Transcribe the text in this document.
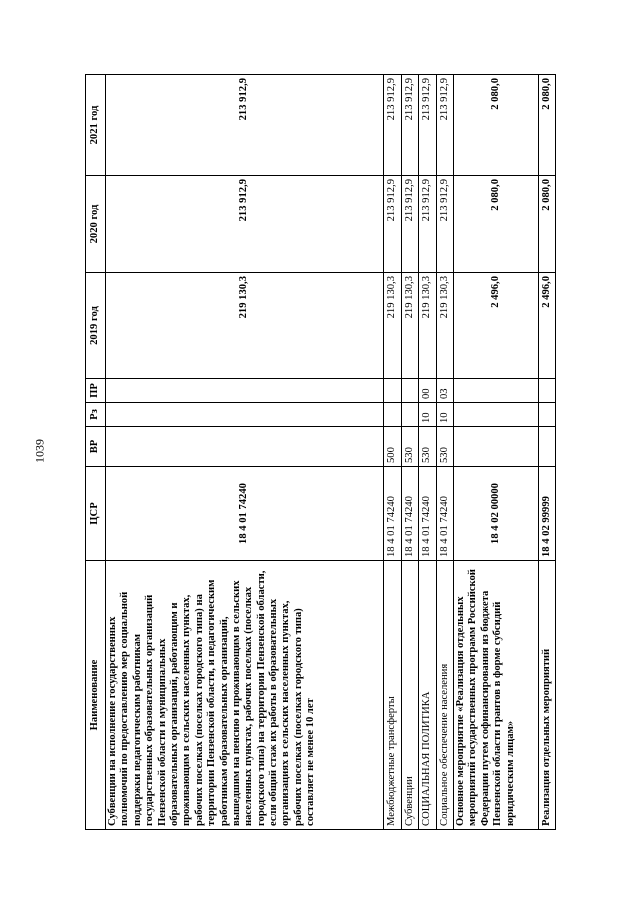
1039
Наименование	ЦСР	ВР	Рз	ПР	2019 год	2020 год	2021 год
Субвенции на исполнение государственных полномочий по предоставлению мер социальной поддержки педагогическим работникам государственных образовательных организаций Пензенской области и муниципальных образовательных организаций, работающим и проживающим в сельских населенных пунктах, рабочих поселках (поселках городского типа) на территории Пензенской области, и педагогическим работникам образовательных организаций, вышедшим на пенсию и проживающим в сельских населенных пунктах, рабочих поселках (поселках городского типа) на территории Пензенской области, если общий стаж их работы в образовательных организациях в сельских населенных пунктах, рабочих поселках (поселках городского типа) составляет не менее 10 лет	18 4 01 74240				219 130,3	213 912,9	213 912,9
Межбюджетные трансферты	18 4 01 74240	500			219 130,3	213 912,9	213 912,9
Субвенции	18 4 01 74240	530			219 130,3	213 912,9	213 912,9
СОЦИАЛЬНАЯ ПОЛИТИКА	18 4 01 74240	530	10	00	219 130,3	213 912,9	213 912,9
Социальное обеспечение населения	18 4 01 74240	530	10	03	219 130,3	213 912,9	213 912,9
Основное мероприятие «Реализация отдельных мероприятий государственных программ Российской Федерации путем софинансирования из бюджета Пензенской области грантов в форме субсидий юридическим лицам»	18 4 02 00000				2 496,0	2 080,0	2 080,0
Реализация отдельных мероприятий	18 4 02 99999				2 496,0	2 080,0	2 080,0
